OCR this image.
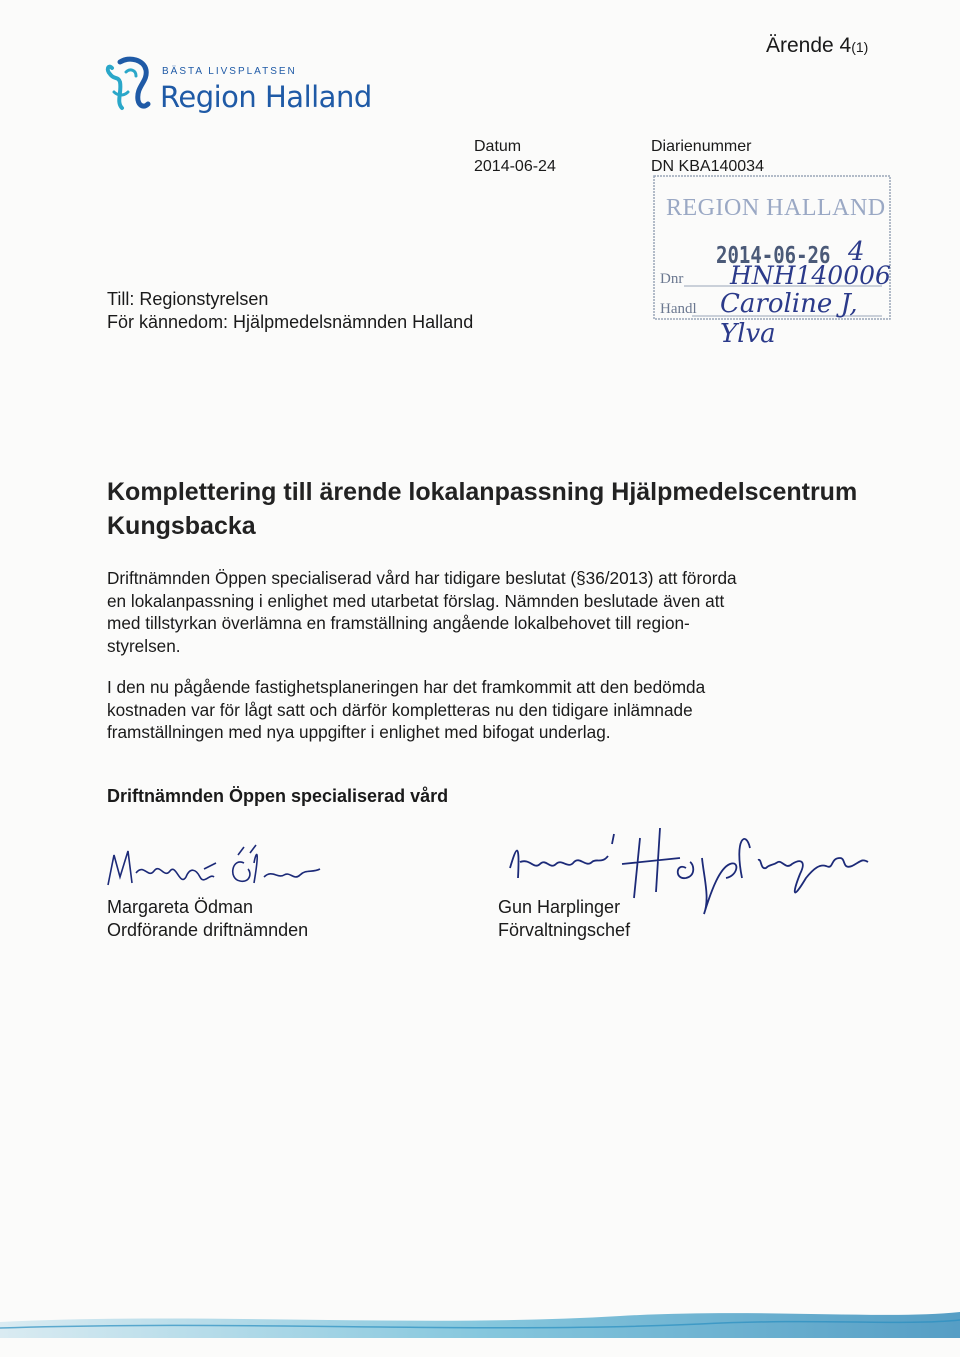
Ärende 4(1)
BÄSTA LIVSPLATSEN
Region Halland
Datum
2014-06-24
Diarienummer
DN KBA140034
REGION HALLAND
2014-06-26 4
Dnr HNH140006
Handl Caroline J, Ylva
Till: Regionstyrelsen
För kännedom: Hjälpmedelsnämnden Halland
Komplettering till ärende lokalanpassning Hjälpmedelscentrum Kungsbacka

Driftnämnden Öppen specialiserad vård har tidigare beslutat (§36/2013) att förorda

en lokalanpassning i enlighet med utarbetat förslag. Nämnden beslutade även att

med tillstyrkan överlämna en framställning angående lokalbehovet till region-

styrelsen.

I den nu pågående fastighetsplaneringen har det framkommit att den bedömda

kostnaden var för lågt satt och därför kompletteras nu den tidigare inlämnade

framställningen med nya uppgifter i enlighet med bifogat underlag.

Driftnämnden Öppen specialiserad vård
Margareta Ödman
Ordförande driftnämnden
Gun Harplinger
Förvaltningschef
